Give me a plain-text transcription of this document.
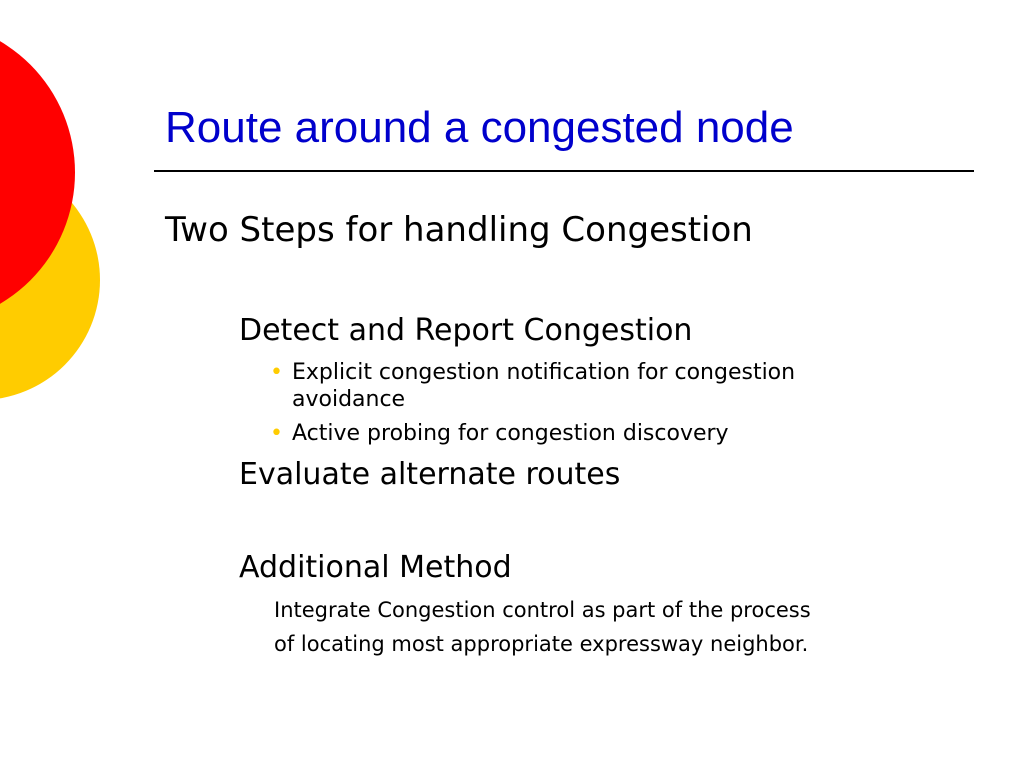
Route around a congested node
Two Steps for handling Congestion
Detect and Report Congestion
• Explicit congestion notification for congestion
avoidance
• Active probing for congestion discovery
Evaluate alternate routes
Additional Method
Integrate Congestion control as part of the process
of locating most appropriate expressway neighbor.
